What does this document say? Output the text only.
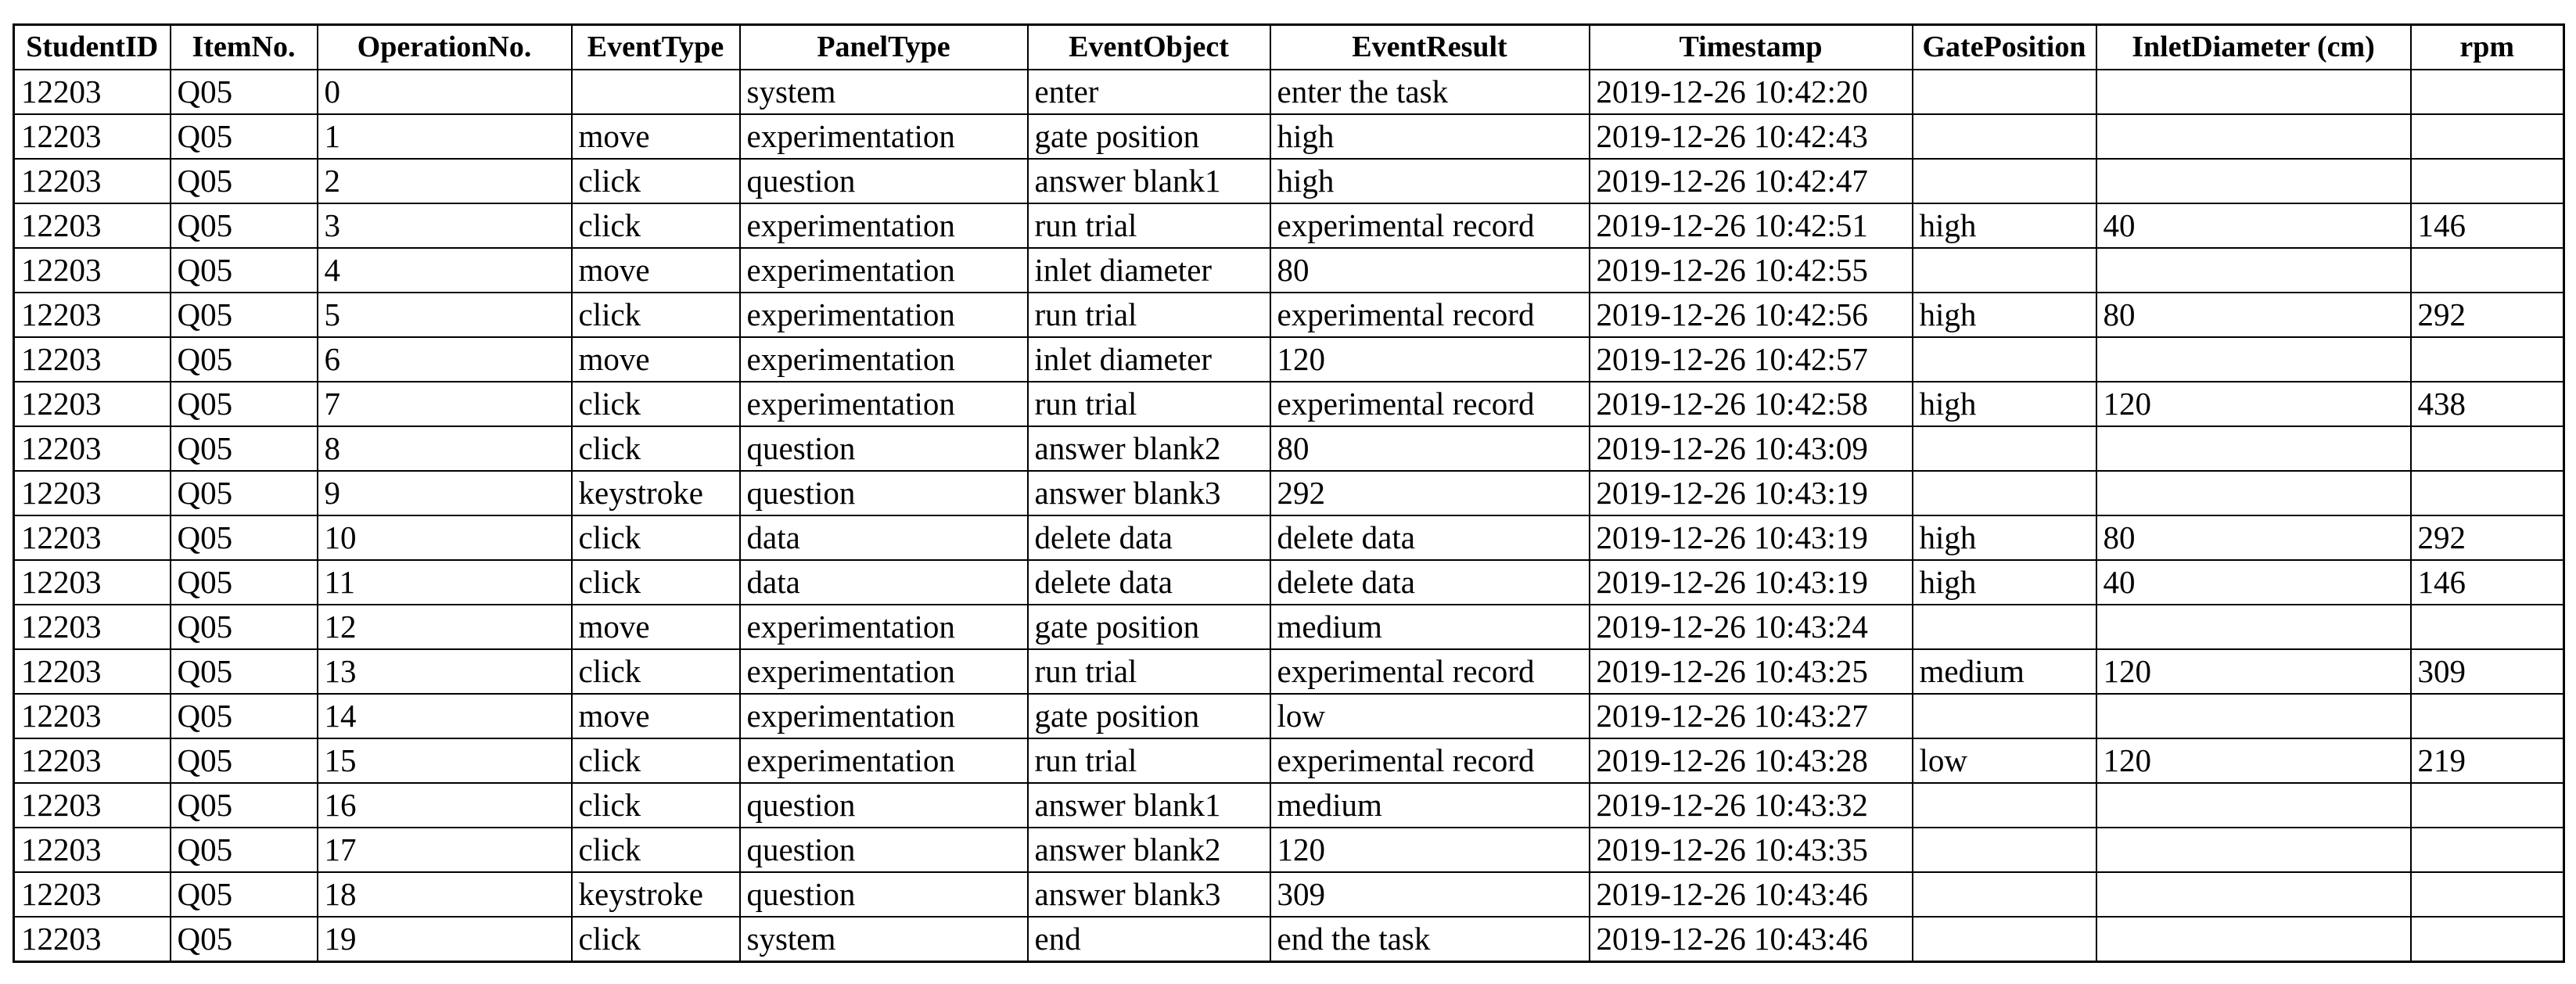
StudentID	ItemNo.	OperationNo.	EventType	PanelType	EventObject	EventResult	Timestamp	GatePosition	InletDiameter (cm)	rpm
12203	Q05	0		system	enter	enter the task	2019-12-26 10:42:20			
12203	Q05	1	move	experimentation	gate position	high	2019-12-26 10:42:43			
12203	Q05	2	click	question	answer blank1	high	2019-12-26 10:42:47			
12203	Q05	3	click	experimentation	run trial	experimental record	2019-12-26 10:42:51	high	40	146
12203	Q05	4	move	experimentation	inlet diameter	80	2019-12-26 10:42:55			
12203	Q05	5	click	experimentation	run trial	experimental record	2019-12-26 10:42:56	high	80	292
12203	Q05	6	move	experimentation	inlet diameter	120	2019-12-26 10:42:57			
12203	Q05	7	click	experimentation	run trial	experimental record	2019-12-26 10:42:58	high	120	438
12203	Q05	8	click	question	answer blank2	80	2019-12-26 10:43:09			
12203	Q05	9	keystroke	question	answer blank3	292	2019-12-26 10:43:19			
12203	Q05	10	click	data	delete data	delete data	2019-12-26 10:43:19	high	80	292
12203	Q05	11	click	data	delete data	delete data	2019-12-26 10:43:19	high	40	146
12203	Q05	12	move	experimentation	gate position	medium	2019-12-26 10:43:24			
12203	Q05	13	click	experimentation	run trial	experimental record	2019-12-26 10:43:25	medium	120	309
12203	Q05	14	move	experimentation	gate position	low	2019-12-26 10:43:27			
12203	Q05	15	click	experimentation	run trial	experimental record	2019-12-26 10:43:28	low	120	219
12203	Q05	16	click	question	answer blank1	medium	2019-12-26 10:43:32			
12203	Q05	17	click	question	answer blank2	120	2019-12-26 10:43:35			
12203	Q05	18	keystroke	question	answer blank3	309	2019-12-26 10:43:46			
12203	Q05	19	click	system	end	end the task	2019-12-26 10:43:46			
